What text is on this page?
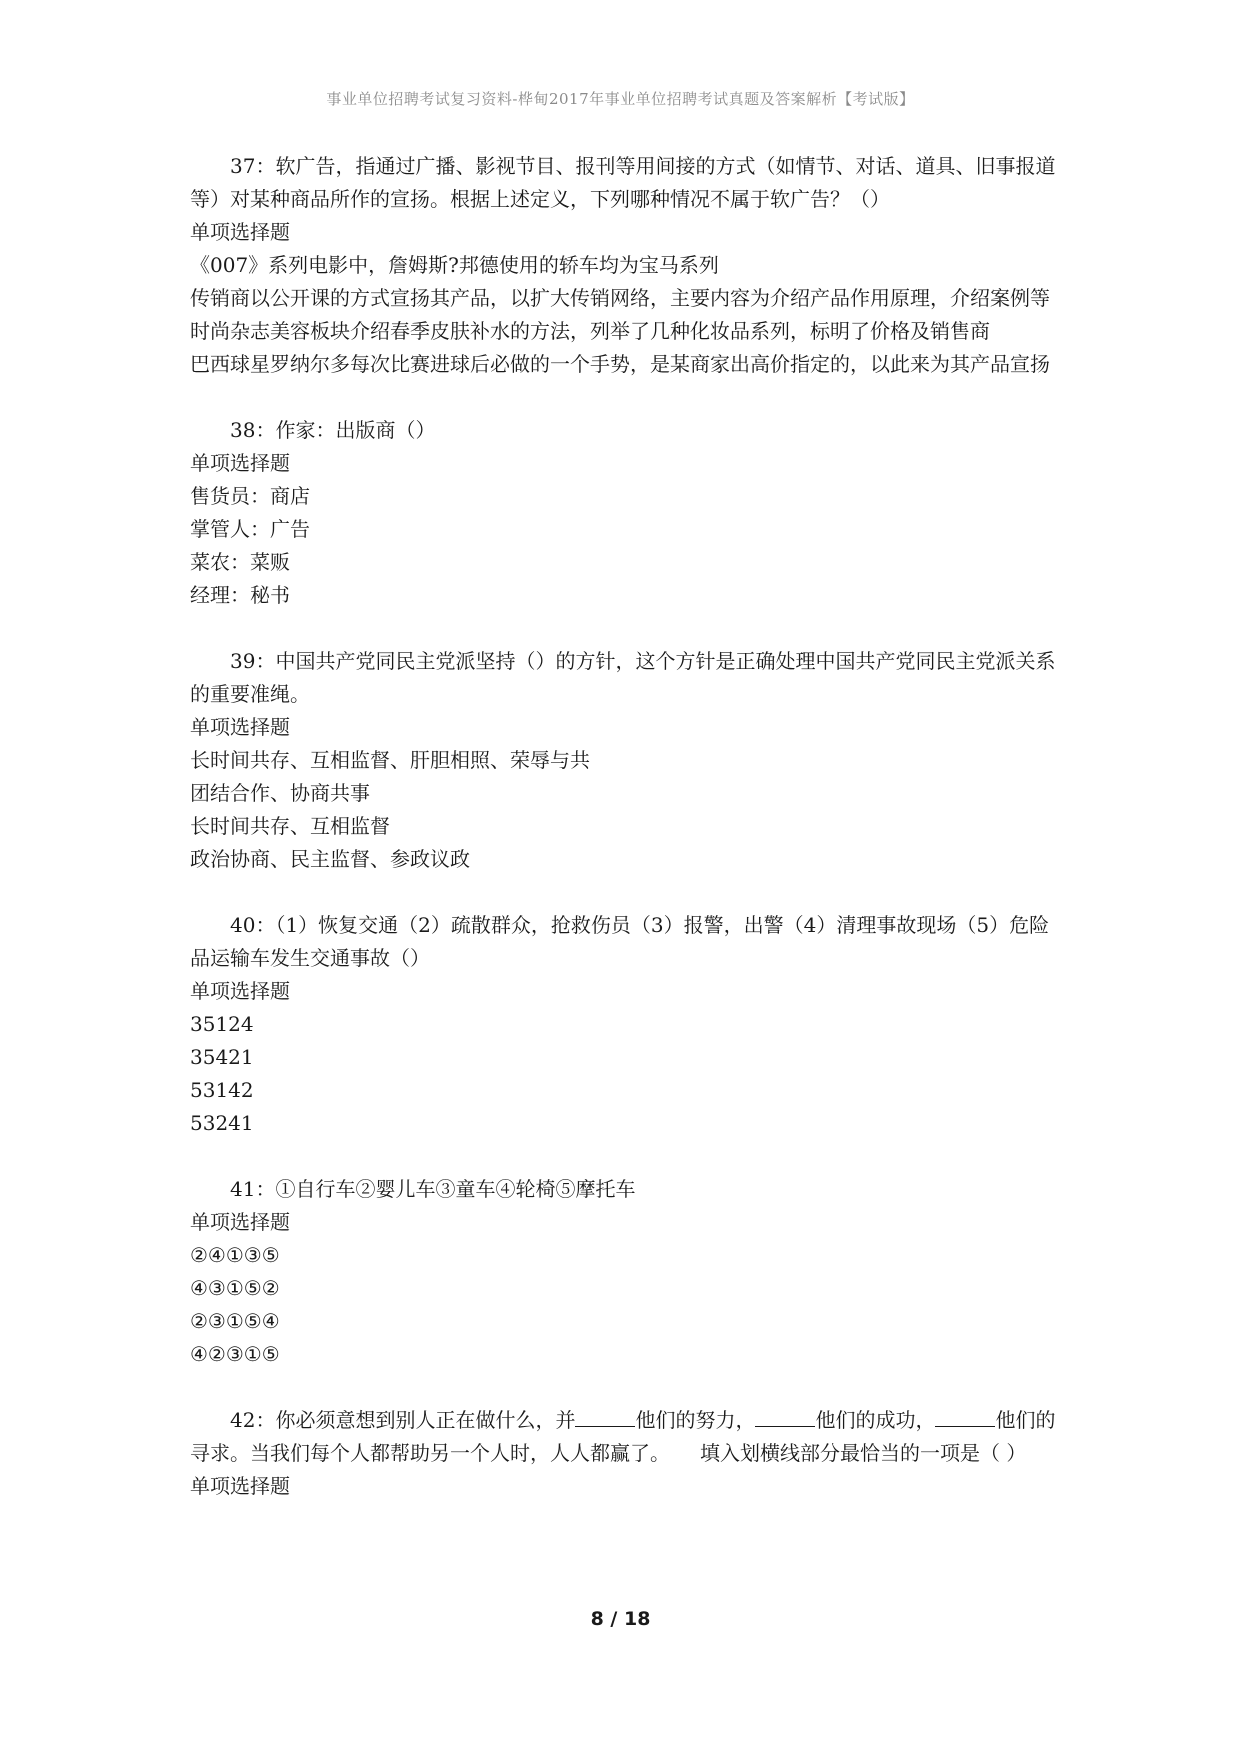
事业单位招聘考试复习资料-桦甸2017年事业单位招聘考试真题及答案解析【考试版】
37：软广告，指通过广播、影视节目、报刊等用间接的方式（如情节、对话、道具、旧事报道等）对某种商品所作的宣扬。根据上述定义，下列哪种情况不属于软广告？（）
单项选择题
《007》系列电影中，詹姆斯?邦德使用的轿车均为宝马系列
传销商以公开课的方式宣扬其产品，以扩大传销网络，主要内容为介绍产品作用原理，介绍案例等
时尚杂志美容板块介绍春季皮肤补水的方法，列举了几种化妆品系列，标明了价格及销售商
巴西球星罗纳尔多每次比赛进球后必做的一个手势，是某商家出高价指定的，以此来为其产品宣扬
38：作家：出版商（）
单项选择题
售货员：商店
掌管人：广告
菜农：菜贩
经理：秘书
39：中国共产党同民主党派坚持（）的方针，这个方针是正确处理中国共产党同民主党派关系的重要准绳。
单项选择题
长时间共存、互相监督、肝胆相照、荣辱与共
团结合作、协商共事
长时间共存、互相监督
政治协商、民主监督、参政议政
40：（1）恢复交通（2）疏散群众，抢救伤员（3）报警，出警（4）清理事故现场（5）危险品运输车发生交通事故（）
单项选择题
35124
35421
53142
53241
41：①自行车②婴儿车③童车④轮椅⑤摩托车
单项选择题
②④①③⑤
④③①⑤②
②③①⑤④
④②③①⑤
42：你必须意想到别人正在做什么，并	他们的努力，	他们的成功，	他们的寻求。当我们每个人都帮助另一个人时，人人都赢了。　　填入划横线部分最恰当的一项是（ ）
单项选择题
8 / 18
